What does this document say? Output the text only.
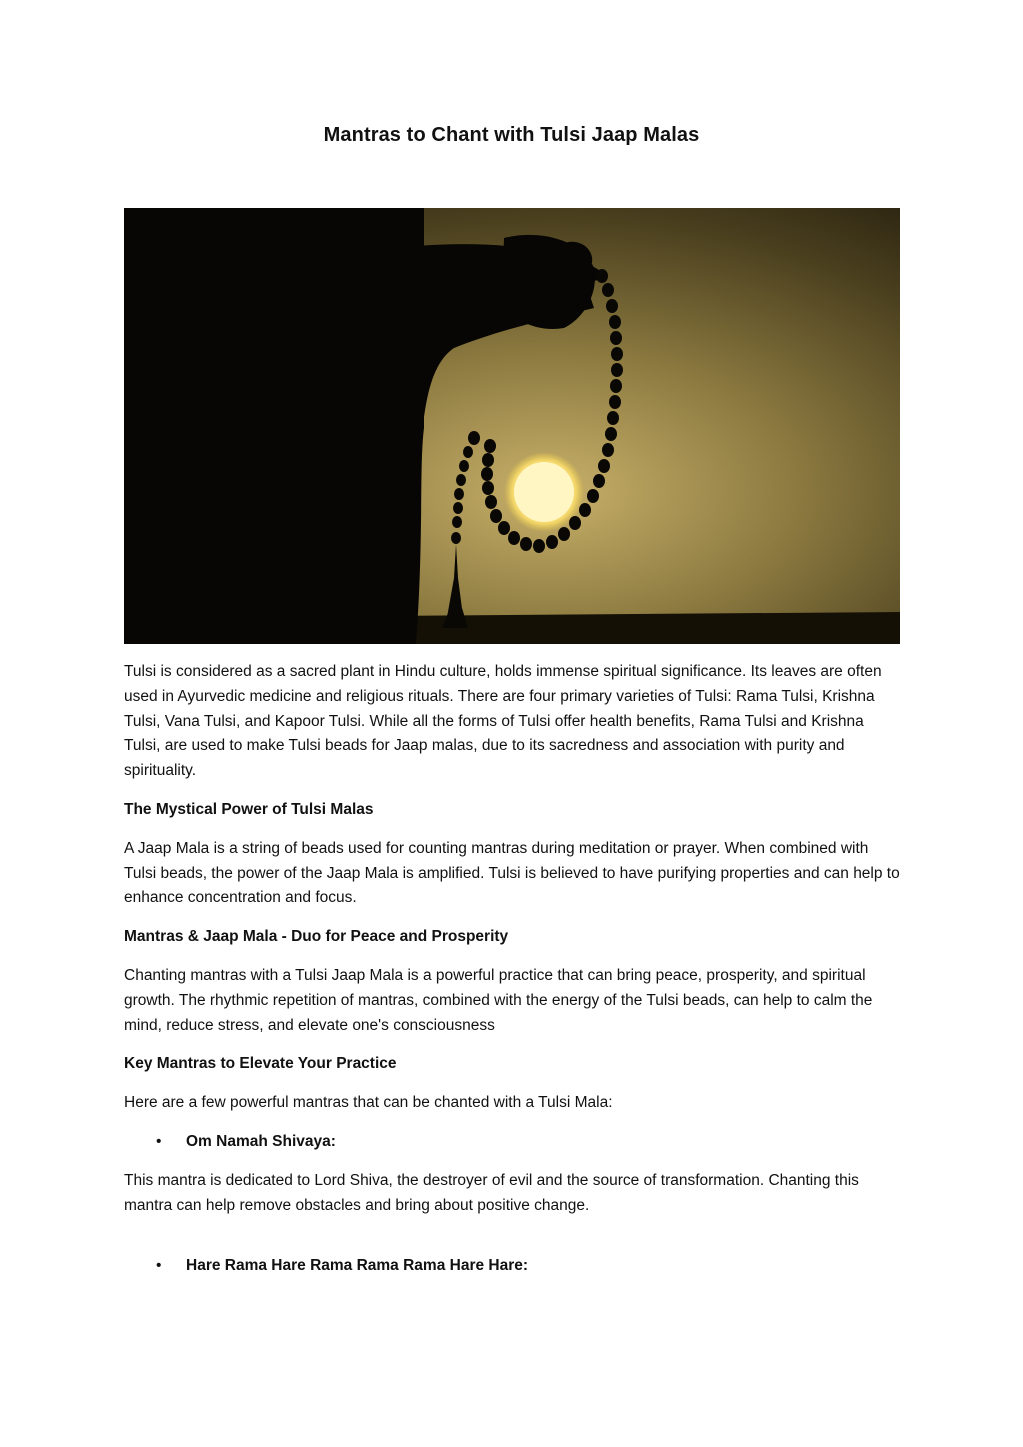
Mantras to Chant with Tulsi Jaap Malas

Tulsi is considered as a sacred plant in Hindu culture, holds immense spiritual significance. Its leaves are often used in Ayurvedic medicine and religious rituals. There are four primary varieties of Tulsi: Rama Tulsi, Krishna Tulsi, Vana Tulsi, and Kapoor Tulsi. While all the forms of Tulsi offer health benefits, Rama Tulsi and Krishna Tulsi, are used to make Tulsi beads for Jaap malas, due to its sacredness and association with purity and spirituality.

The Mystical Power of Tulsi Malas

A Jaap Mala is a string of beads used for counting mantras during meditation or prayer. When combined with Tulsi beads, the power of the Jaap Mala is amplified. Tulsi is believed to have purifying properties and can help to enhance concentration and focus.

Mantras & Jaap Mala - Duo for Peace and Prosperity

Chanting mantras with a Tulsi Jaap Mala is a powerful practice that can bring peace, prosperity, and spiritual growth. The rhythmic repetition of mantras, combined with the energy of the Tulsi beads, can help to calm the mind, reduce stress, and elevate one's consciousness

Key Mantras to Elevate Your Practice

Here are a few powerful mantras that can be chanted with a Tulsi Mala:

• Om Namah Shivaya:

This mantra is dedicated to Lord Shiva, the destroyer of evil and the source of transformation. Chanting this mantra can help remove obstacles and bring about positive change.

• Hare Rama Hare Rama Rama Rama Hare Hare:
